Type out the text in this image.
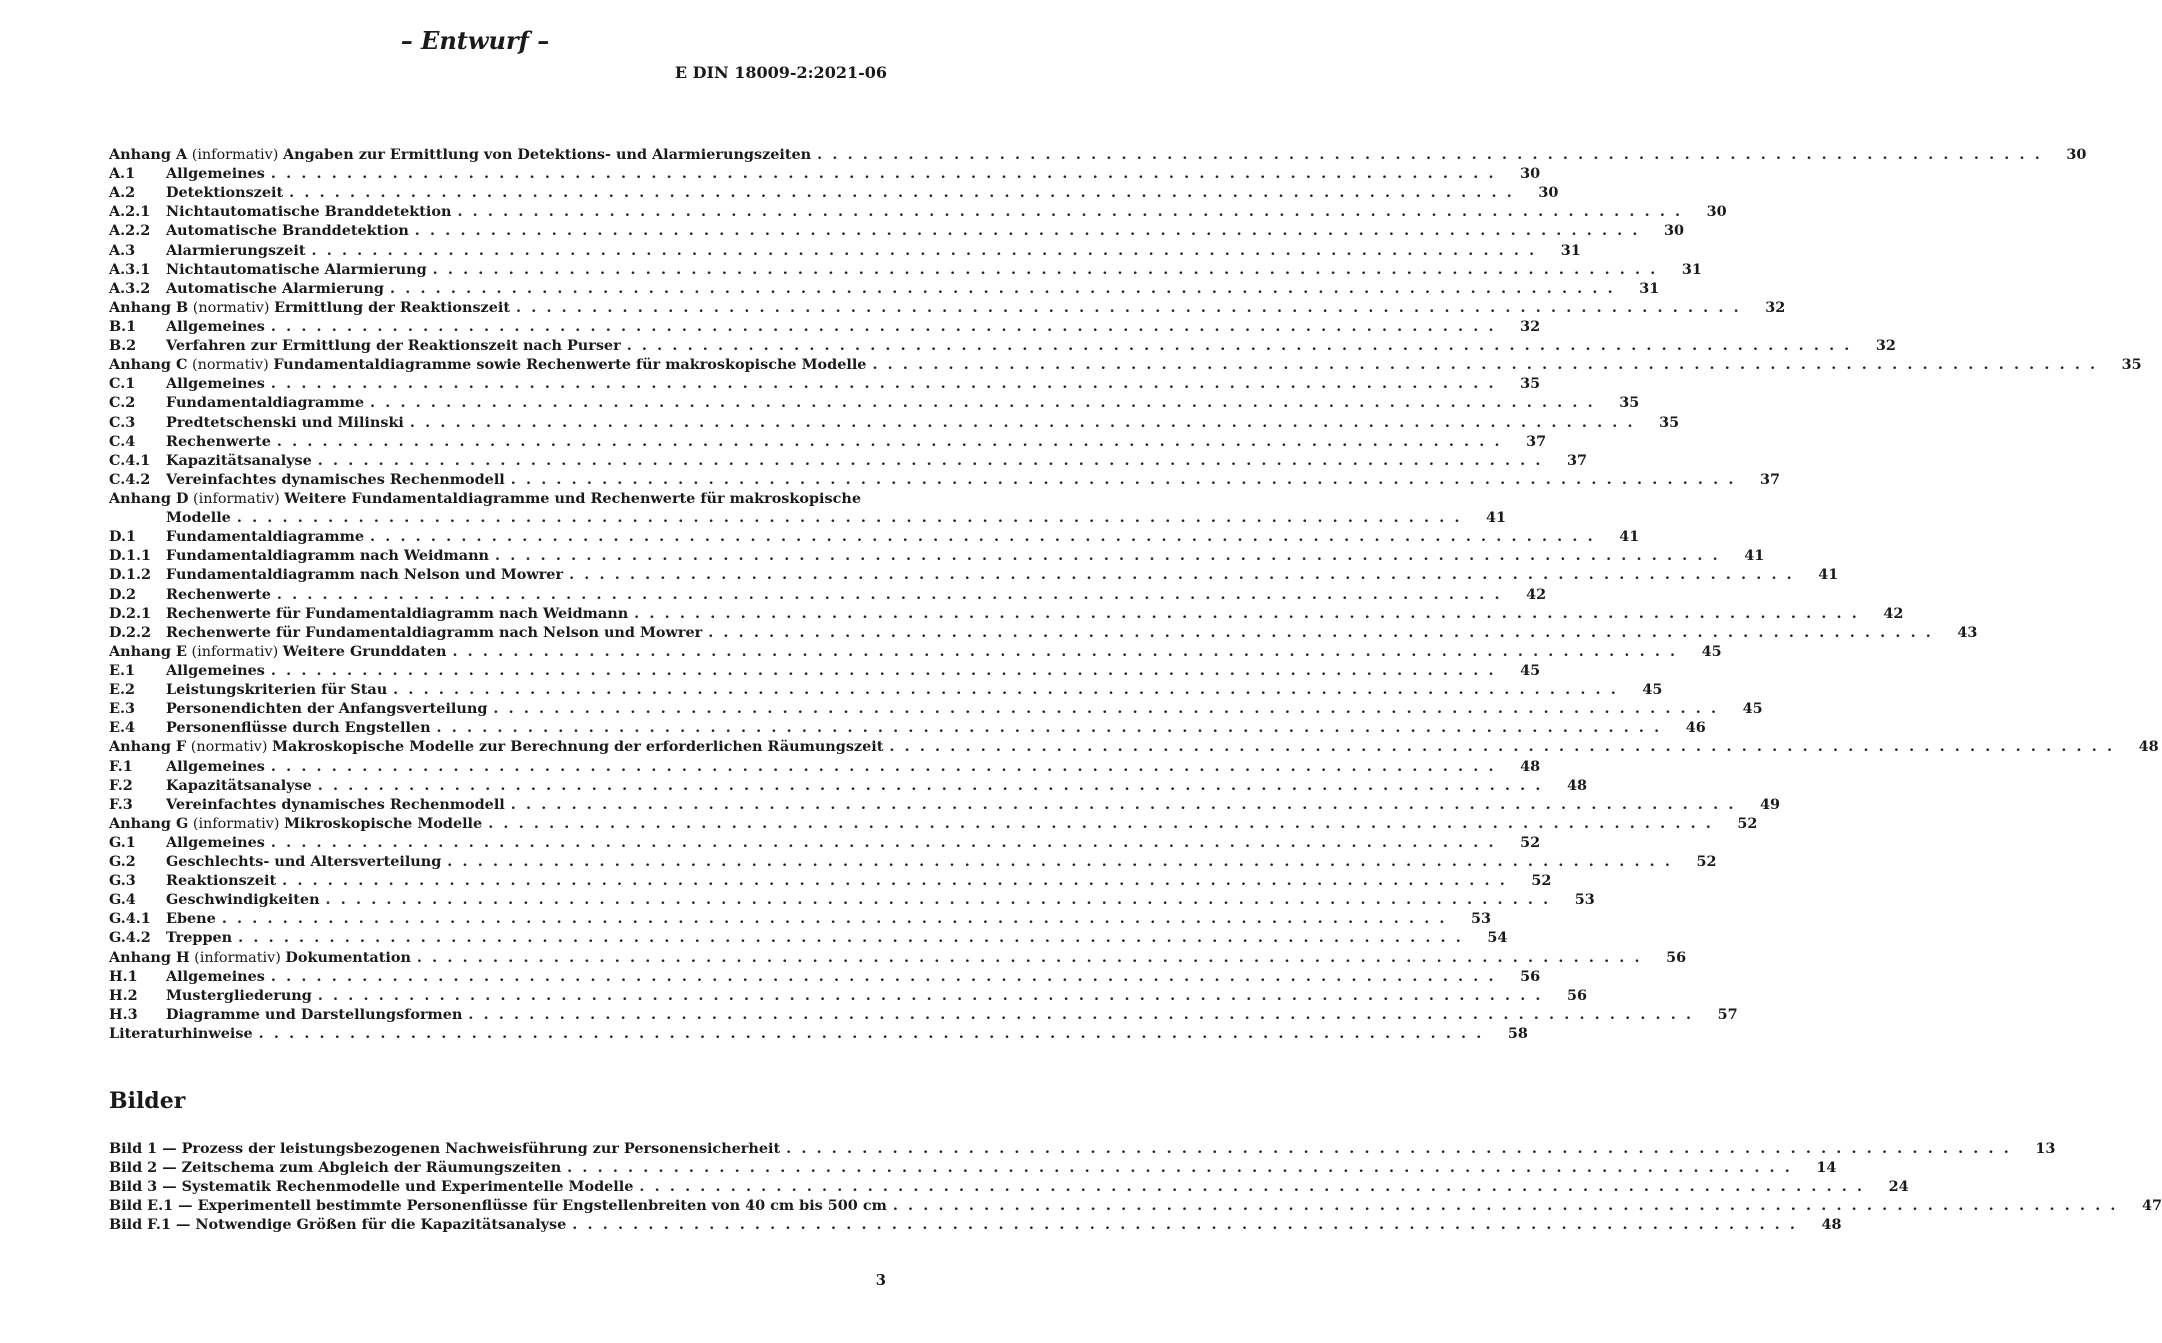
– Entwurf –
E DIN 18009-2:2021-06
Anhang A (informativ) Angaben zur Ermittlung von Detektions- und Alarmierungszeiten . . . . . . . . . . . . . . . . . . . . . . . . . . . . . . . . . . . . . . . . . . . . . . . . . . . . . . . . . . . . . . . . . . . . . . . . . . . . . . . . . 30
A.1	Allgemeines . . . . . . . . . . . . . . . . . . . . . . . . . . . . . . . . . . . . . . . . . . . . . . . . . . . . . . . . . . . . . . . . . . . . . . . . . . . . . . . . . 30
A.2	Detektionszeit . . . . . . . . . . . . . . . . . . . . . . . . . . . . . . . . . . . . . . . . . . . . . . . . . . . . . . . . . . . . . . . . . . . . . . . . . . . . . . . . . 30
A.2.1	Nichtautomatische Branddetektion . . . . . . . . . . . . . . . . . . . . . . . . . . . . . . . . . . . . . . . . . . . . . . . . . . . . . . . . . . . . . . . . . . . . . . . . . . . . . . . . . 30
A.2.2	Automatische Branddetektion . . . . . . . . . . . . . . . . . . . . . . . . . . . . . . . . . . . . . . . . . . . . . . . . . . . . . . . . . . . . . . . . . . . . . . . . . . . . . . . . . 30
A.3	Alarmierungszeit . . . . . . . . . . . . . . . . . . . . . . . . . . . . . . . . . . . . . . . . . . . . . . . . . . . . . . . . . . . . . . . . . . . . . . . . . . . . . . . . . 31
A.3.1	Nichtautomatische Alarmierung . . . . . . . . . . . . . . . . . . . . . . . . . . . . . . . . . . . . . . . . . . . . . . . . . . . . . . . . . . . . . . . . . . . . . . . . . . . . . . . . . 31
A.3.2	Automatische Alarmierung . . . . . . . . . . . . . . . . . . . . . . . . . . . . . . . . . . . . . . . . . . . . . . . . . . . . . . . . . . . . . . . . . . . . . . . . . . . . . . . . . 31
Anhang B (normativ) Ermittlung der Reaktionszeit . . . . . . . . . . . . . . . . . . . . . . . . . . . . . . . . . . . . . . . . . . . . . . . . . . . . . . . . . . . . . . . . . . . . . . . . . . . . . . . . . 32
B.1	Allgemeines . . . . . . . . . . . . . . . . . . . . . . . . . . . . . . . . . . . . . . . . . . . . . . . . . . . . . . . . . . . . . . . . . . . . . . . . . . . . . . . . . 32
B.2	Verfahren zur Ermittlung der Reaktionszeit nach Purser . . . . . . . . . . . . . . . . . . . . . . . . . . . . . . . . . . . . . . . . . . . . . . . . . . . . . . . . . . . . . . . . . . . . . . . . . . . . . . . . . 32
Anhang C (normativ) Fundamentaldiagramme sowie Rechenwerte für makroskopische Modelle . . . . . . . . . . . . . . . . . . . . . . . . . . . . . . . . . . . . . . . . . . . . . . . . . . . . . . . . . . . . . . . . . . . . . . . . . . . . . . . . . 35
C.1	Allgemeines . . . . . . . . . . . . . . . . . . . . . . . . . . . . . . . . . . . . . . . . . . . . . . . . . . . . . . . . . . . . . . . . . . . . . . . . . . . . . . . . . 35
C.2	Fundamentaldiagramme . . . . . . . . . . . . . . . . . . . . . . . . . . . . . . . . . . . . . . . . . . . . . . . . . . . . . . . . . . . . . . . . . . . . . . . . . . . . . . . . . 35
C.3	Predtetschenski und Milinski . . . . . . . . . . . . . . . . . . . . . . . . . . . . . . . . . . . . . . . . . . . . . . . . . . . . . . . . . . . . . . . . . . . . . . . . . . . . . . . . . 35
C.4	Rechenwerte . . . . . . . . . . . . . . . . . . . . . . . . . . . . . . . . . . . . . . . . . . . . . . . . . . . . . . . . . . . . . . . . . . . . . . . . . . . . . . . . . 37
C.4.1	Kapazitätsanalyse . . . . . . . . . . . . . . . . . . . . . . . . . . . . . . . . . . . . . . . . . . . . . . . . . . . . . . . . . . . . . . . . . . . . . . . . . . . . . . . . . 37
C.4.2	Vereinfachtes dynamisches Rechenmodell . . . . . . . . . . . . . . . . . . . . . . . . . . . . . . . . . . . . . . . . . . . . . . . . . . . . . . . . . . . . . . . . . . . . . . . . . . . . . . . . . 37
Anhang D (informativ) Weitere Fundamentaldiagramme und Rechenwerte für makroskopische
Modelle . . . . . . . . . . . . . . . . . . . . . . . . . . . . . . . . . . . . . . . . . . . . . . . . . . . . . . . . . . . . . . . . . . . . . . . . . . . . . . . . . 41
D.1	Fundamentaldiagramme . . . . . . . . . . . . . . . . . . . . . . . . . . . . . . . . . . . . . . . . . . . . . . . . . . . . . . . . . . . . . . . . . . . . . . . . . . . . . . . . . 41
D.1.1	Fundamentaldiagramm nach Weidmann . . . . . . . . . . . . . . . . . . . . . . . . . . . . . . . . . . . . . . . . . . . . . . . . . . . . . . . . . . . . . . . . . . . . . . . . . . . . . . . . . 41
D.1.2	Fundamentaldiagramm nach Nelson und Mowrer . . . . . . . . . . . . . . . . . . . . . . . . . . . . . . . . . . . . . . . . . . . . . . . . . . . . . . . . . . . . . . . . . . . . . . . . . . . . . . . . . 41
D.2	Rechenwerte . . . . . . . . . . . . . . . . . . . . . . . . . . . . . . . . . . . . . . . . . . . . . . . . . . . . . . . . . . . . . . . . . . . . . . . . . . . . . . . . . 42
D.2.1	Rechenwerte für Fundamentaldiagramm nach Weidmann . . . . . . . . . . . . . . . . . . . . . . . . . . . . . . . . . . . . . . . . . . . . . . . . . . . . . . . . . . . . . . . . . . . . . . . . . . . . . . . . . 42
D.2.2	Rechenwerte für Fundamentaldiagramm nach Nelson und Mowrer . . . . . . . . . . . . . . . . . . . . . . . . . . . . . . . . . . . . . . . . . . . . . . . . . . . . . . . . . . . . . . . . . . . . . . . . . . . . . . . . . 43
Anhang E (informativ) Weitere Grunddaten . . . . . . . . . . . . . . . . . . . . . . . . . . . . . . . . . . . . . . . . . . . . . . . . . . . . . . . . . . . . . . . . . . . . . . . . . . . . . . . . . 45
E.1	Allgemeines . . . . . . . . . . . . . . . . . . . . . . . . . . . . . . . . . . . . . . . . . . . . . . . . . . . . . . . . . . . . . . . . . . . . . . . . . . . . . . . . . 45
E.2	Leistungskriterien für Stau . . . . . . . . . . . . . . . . . . . . . . . . . . . . . . . . . . . . . . . . . . . . . . . . . . . . . . . . . . . . . . . . . . . . . . . . . . . . . . . . . 45
E.3	Personendichten der Anfangsverteilung . . . . . . . . . . . . . . . . . . . . . . . . . . . . . . . . . . . . . . . . . . . . . . . . . . . . . . . . . . . . . . . . . . . . . . . . . . . . . . . . . 45
E.4	Personenflüsse durch Engstellen . . . . . . . . . . . . . . . . . . . . . . . . . . . . . . . . . . . . . . . . . . . . . . . . . . . . . . . . . . . . . . . . . . . . . . . . . . . . . . . . . 46
Anhang F (normativ) Makroskopische Modelle zur Berechnung der erforderlichen Räumungszeit . . . . . . . . . . . . . . . . . . . . . . . . . . . . . . . . . . . . . . . . . . . . . . . . . . . . . . . . . . . . . . . . . . . . . . . . . . . . . . . . . 48
F.1	Allgemeines . . . . . . . . . . . . . . . . . . . . . . . . . . . . . . . . . . . . . . . . . . . . . . . . . . . . . . . . . . . . . . . . . . . . . . . . . . . . . . . . . 48
F.2	Kapazitätsanalyse . . . . . . . . . . . . . . . . . . . . . . . . . . . . . . . . . . . . . . . . . . . . . . . . . . . . . . . . . . . . . . . . . . . . . . . . . . . . . . . . . 48
F.3	Vereinfachtes dynamisches Rechenmodell . . . . . . . . . . . . . . . . . . . . . . . . . . . . . . . . . . . . . . . . . . . . . . . . . . . . . . . . . . . . . . . . . . . . . . . . . . . . . . . . . 49
Anhang G (informativ) Mikroskopische Modelle . . . . . . . . . . . . . . . . . . . . . . . . . . . . . . . . . . . . . . . . . . . . . . . . . . . . . . . . . . . . . . . . . . . . . . . . . . . . . . . . . 52
G.1	Allgemeines . . . . . . . . . . . . . . . . . . . . . . . . . . . . . . . . . . . . . . . . . . . . . . . . . . . . . . . . . . . . . . . . . . . . . . . . . . . . . . . . . 52
G.2	Geschlechts- und Altersverteilung . . . . . . . . . . . . . . . . . . . . . . . . . . . . . . . . . . . . . . . . . . . . . . . . . . . . . . . . . . . . . . . . . . . . . . . . . . . . . . . . . 52
G.3	Reaktionszeit . . . . . . . . . . . . . . . . . . . . . . . . . . . . . . . . . . . . . . . . . . . . . . . . . . . . . . . . . . . . . . . . . . . . . . . . . . . . . . . . . 52
G.4	Geschwindigkeiten . . . . . . . . . . . . . . . . . . . . . . . . . . . . . . . . . . . . . . . . . . . . . . . . . . . . . . . . . . . . . . . . . . . . . . . . . . . . . . . . . 53
G.4.1	Ebene . . . . . . . . . . . . . . . . . . . . . . . . . . . . . . . . . . . . . . . . . . . . . . . . . . . . . . . . . . . . . . . . . . . . . . . . . . . . . . . . . 53
G.4.2	Treppen . . . . . . . . . . . . . . . . . . . . . . . . . . . . . . . . . . . . . . . . . . . . . . . . . . . . . . . . . . . . . . . . . . . . . . . . . . . . . . . . . 54
Anhang H (informativ) Dokumentation . . . . . . . . . . . . . . . . . . . . . . . . . . . . . . . . . . . . . . . . . . . . . . . . . . . . . . . . . . . . . . . . . . . . . . . . . . . . . . . . . 56
H.1	Allgemeines . . . . . . . . . . . . . . . . . . . . . . . . . . . . . . . . . . . . . . . . . . . . . . . . . . . . . . . . . . . . . . . . . . . . . . . . . . . . . . . . . 56
H.2	Mustergliederung . . . . . . . . . . . . . . . . . . . . . . . . . . . . . . . . . . . . . . . . . . . . . . . . . . . . . . . . . . . . . . . . . . . . . . . . . . . . . . . . . 56
H.3	Diagramme und Darstellungsformen . . . . . . . . . . . . . . . . . . . . . . . . . . . . . . . . . . . . . . . . . . . . . . . . . . . . . . . . . . . . . . . . . . . . . . . . . . . . . . . . . 57
Literaturhinweise . . . . . . . . . . . . . . . . . . . . . . . . . . . . . . . . . . . . . . . . . . . . . . . . . . . . . . . . . . . . . . . . . . . . . . . . . . . . . . . . . 58
Bilder
Bild 1 — Prozess der leistungsbezogenen Nachweisführung zur Personensicherheit . . . . . . . . . . . . . . . . . . . . . . . . . . . . . . . . . . . . . . . . . . . . . . . . . . . . . . . . . . . . . . . . . . . . . . . . . . . . . . . . . 13
Bild 2 — Zeitschema zum Abgleich der Räumungszeiten . . . . . . . . . . . . . . . . . . . . . . . . . . . . . . . . . . . . . . . . . . . . . . . . . . . . . . . . . . . . . . . . . . . . . . . . . . . . . . . . . 14
Bild 3 — Systematik Rechenmodelle und Experimentelle Modelle . . . . . . . . . . . . . . . . . . . . . . . . . . . . . . . . . . . . . . . . . . . . . . . . . . . . . . . . . . . . . . . . . . . . . . . . . . . . . . . . . 24
Bild E.1 — Experimentell bestimmte Personenflüsse für Engstellenbreiten von 40 cm bis 500 cm . . . . . . . . . . . . . . . . . . . . . . . . . . . . . . . . . . . . . . . . . . . . . . . . . . . . . . . . . . . . . . . . . . . . . . . . . . . . . . . . . 47
Bild F.1 — Notwendige Größen für die Kapazitätsanalyse . . . . . . . . . . . . . . . . . . . . . . . . . . . . . . . . . . . . . . . . . . . . . . . . . . . . . . . . . . . . . . . . . . . . . . . . . . . . . . . . . 48
3
